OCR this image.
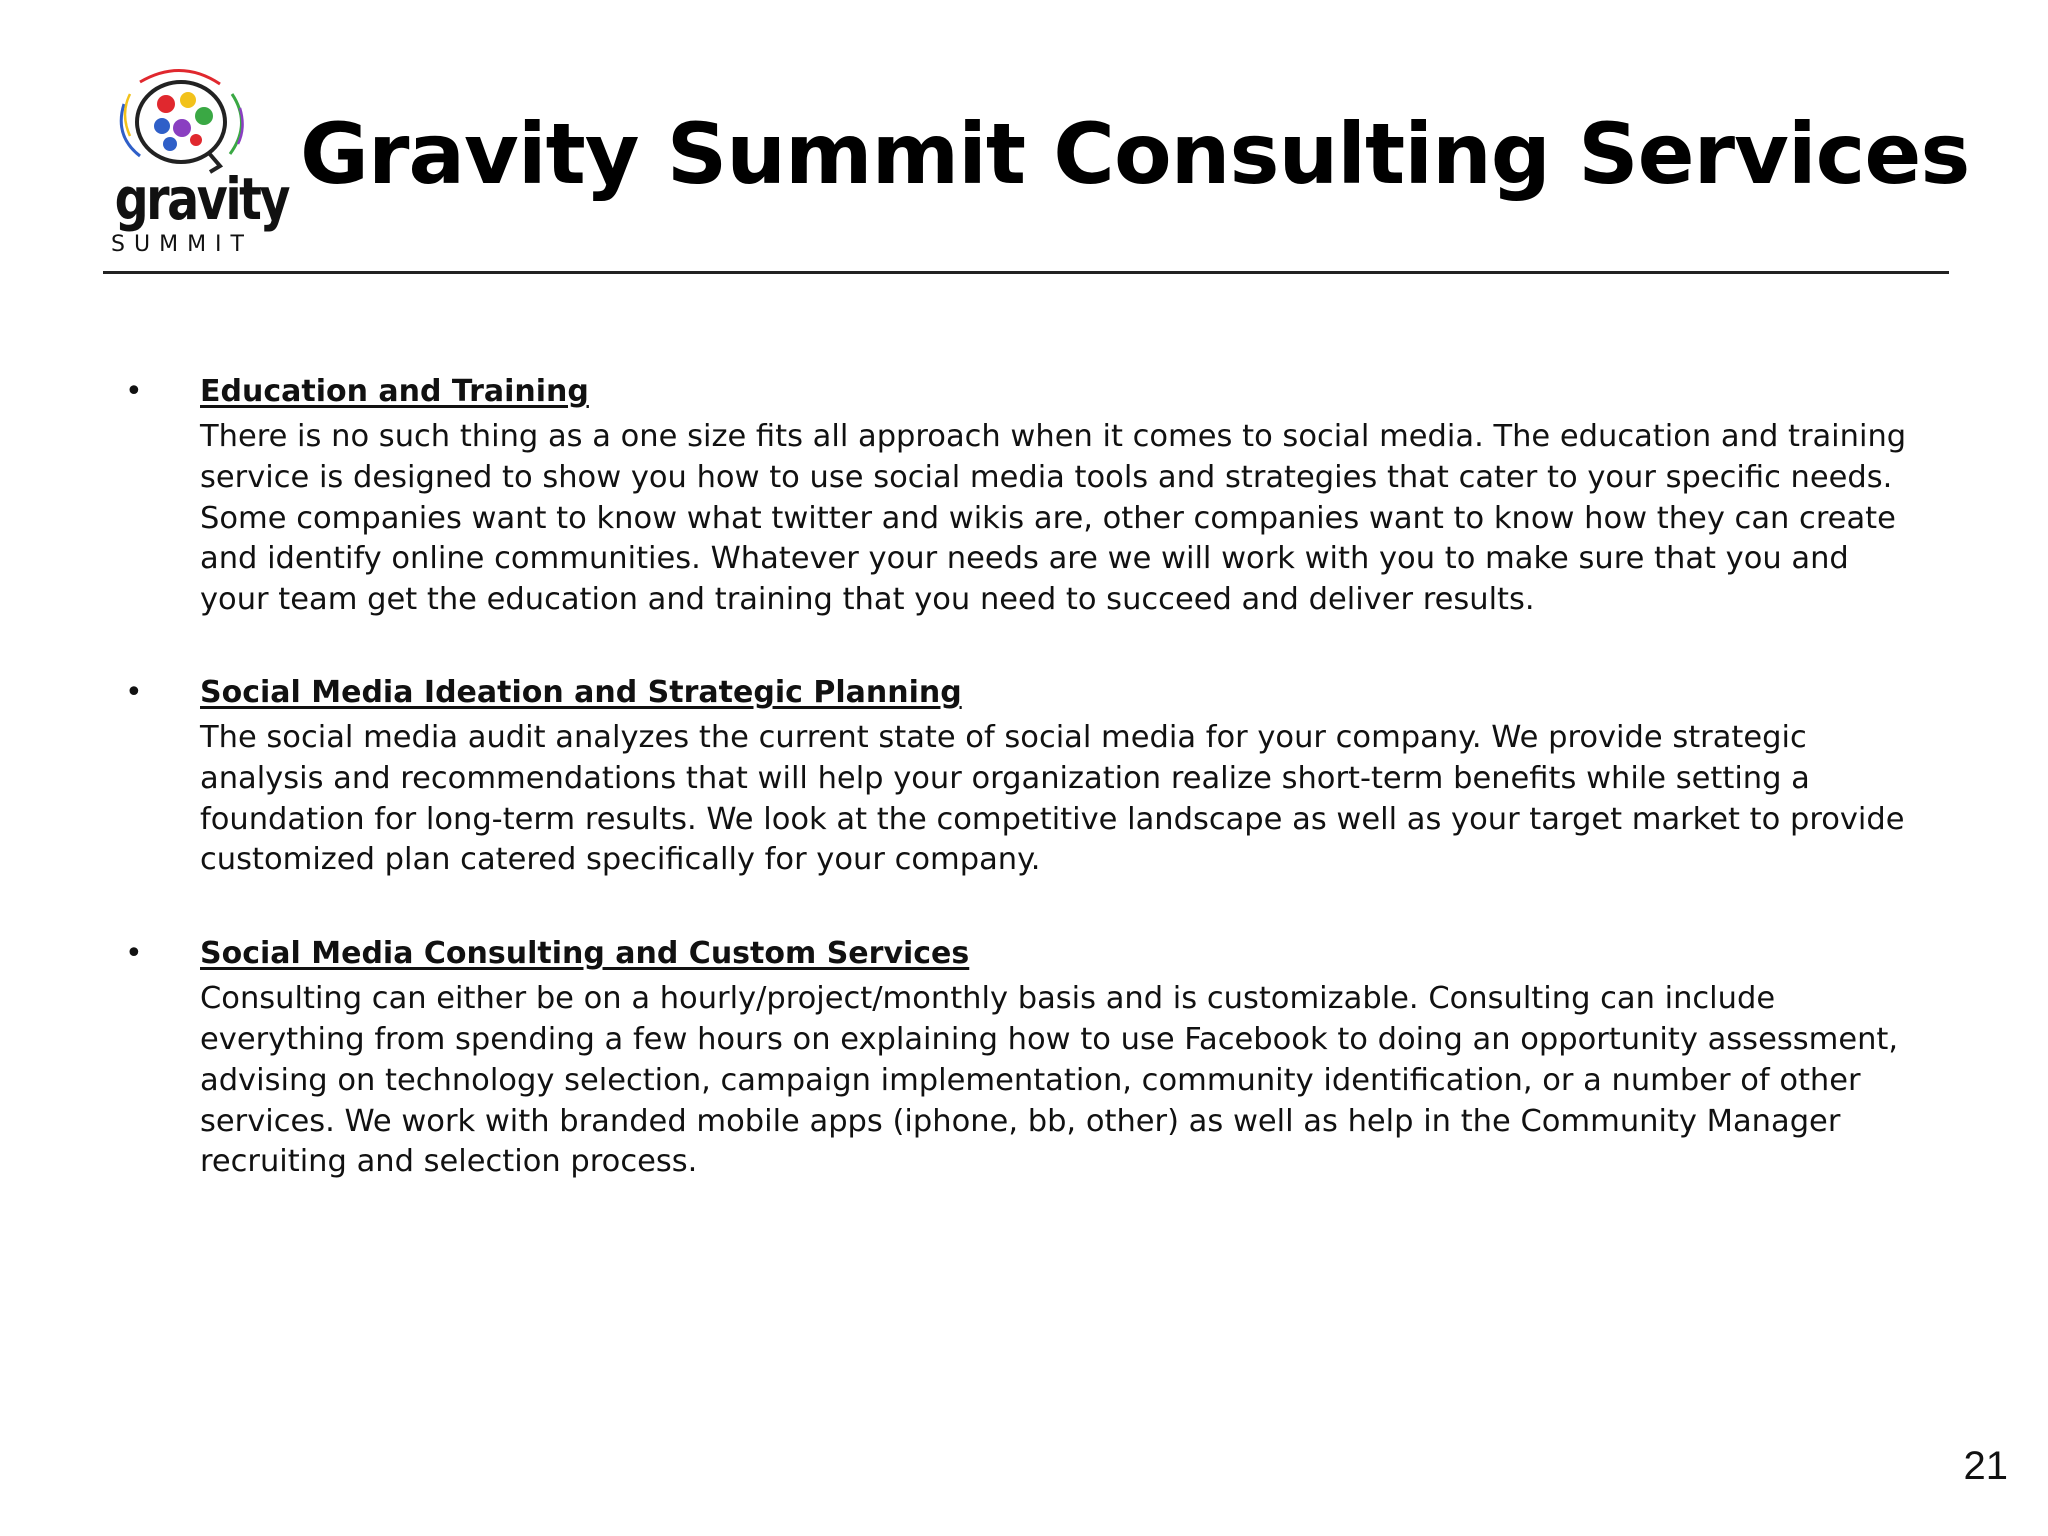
gravity
SUMMIT
Gravity Summit Consulting Services
• Education and Training
There is no such thing as a one size fits all approach when it comes to social media. The education and training service is designed to show you how to use social media tools and strategies that cater to your specific needs. Some companies want to know what twitter and wikis are, other companies want to know how they can create and identify online communities. Whatever your needs are we will work with you to make sure that you and your team get the education and training that you need to succeed and deliver results.
• Social Media Ideation and Strategic Planning
The social media audit analyzes the current state of social media for your company. We provide strategic analysis and recommendations that will help your organization realize short-term benefits while setting a foundation for long-term results. We look at the competitive landscape as well as your target market to provide customized plan catered specifically for your company.
• Social Media Consulting and Custom Services
Consulting can either be on a hourly/project/monthly basis and is customizable. Consulting can include everything from spending a few hours on explaining how to use Facebook to doing an opportunity assessment, advising on technology selection, campaign implementation, community identification, or a number of other services. We work with branded mobile apps (iphone, bb, other) as well as help in the Community Manager recruiting and selection process.
21
